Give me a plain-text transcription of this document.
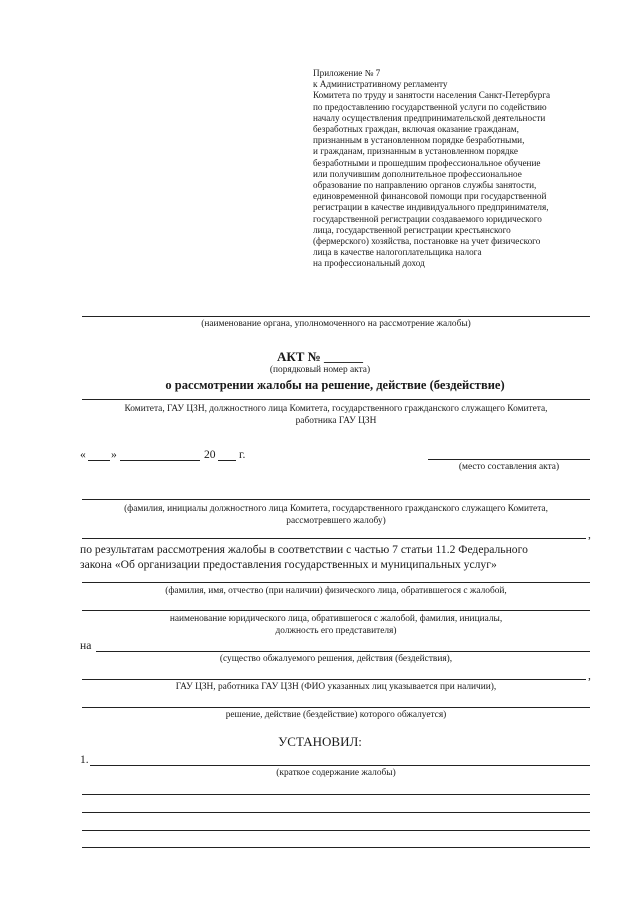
Приложение № 7
к Административному регламенту
Комитета по труду и занятости населения Санкт-Петербурга
по предоставлению государственной услуги по содействию
началу осуществления предпринимательской деятельности
безработных граждан, включая оказание гражданам,
признанным в установленном порядке безработными,
и гражданам, признанным в установленном порядке
безработными и прошедшим профессиональное обучение
или получившим дополнительное профессиональное
образование по направлению органов службы занятости,
единовременной финансовой помощи при государственной
регистрации в качестве индивидуального предпринимателя,
государственной регистрации создаваемого юридического
лица, государственной регистрации крестьянского
(фермерского) хозяйства, постановке на учет физического
лица в качестве налогоплательщика налога
на профессиональный доход
(наименование органа, уполномоченного на рассмотрение жалобы)
АКТ № ______
(порядковый номер акта)
о рассмотрении жалобы на решение, действие (бездействие)
Комитета, ГАУ ЦЗН, должностного лица Комитета, государственного гражданского служащего Комитета,
работника ГАУ ЦЗН
« »	20 г.
(место составления акта)
(фамилия, инициалы должностного лица Комитета, государственного гражданского служащего Комитета,
рассмотревшего жалобу)
,
по результатам рассмотрения жалобы в соответствии с частью 7 статьи 11.2 Федерального
закона «Об организации предоставления государственных и муниципальных услуг»
(фамилия, имя, отчество (при наличии) физического лица, обратившегося с жалобой,
наименование юридического лица, обратившегося с жалобой, фамилия, инициалы,
должность его представителя)
на
(существо обжалуемого решения, действия (бездействия),
,
ГАУ ЦЗН, работника ГАУ ЦЗН (ФИО указанных лиц указывается при наличии),
решение, действие (бездействие) которого обжалуется)
УСТАНОВИЛ:
1.
(краткое содержание жалобы)
